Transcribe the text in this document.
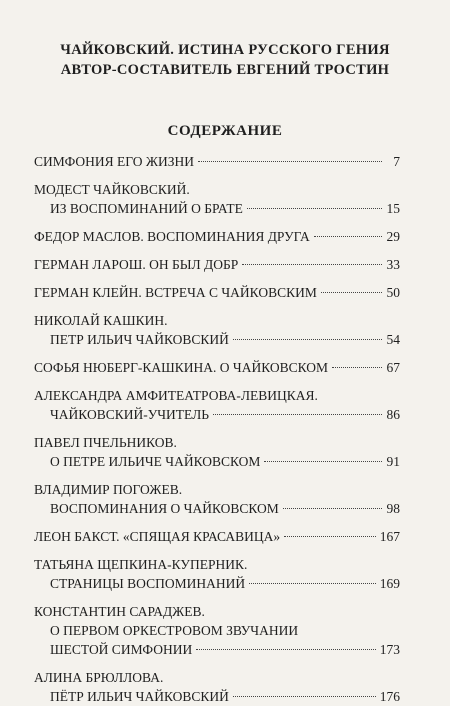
ЧАЙКОВСКИЙ. ИСТИНА РУССКОГО ГЕНИЯ
АВТОР-СОСТАВИТЕЛЬ ЕВГЕНИЙ ТРОСТИН
СОДЕРЖАНИЕ
СИМФОНИЯ ЕГО ЖИЗНИ	7
МОДЕСТ ЧАЙКОВСКИЙ.
ИЗ ВОСПОМИНАНИЙ О БРАТЕ	15
ФЕДОР МАСЛОВ. ВОСПОМИНАНИЯ ДРУГА	29
ГЕРМАН ЛАРОШ. ОН БЫЛ ДОБР	33
ГЕРМАН КЛЕЙН. ВСТРЕЧА С ЧАЙКОВСКИМ	50
НИКОЛАЙ КАШКИН.
ПЕТР ИЛЬИЧ ЧАЙКОВСКИЙ	54
СОФЬЯ НЮБЕРГ-КАШКИНА. О ЧАЙКОВСКОМ	67
АЛЕКСАНДРА АМФИТЕАТРОВА-ЛЕВИЦКАЯ.
ЧАЙКОВСКИЙ-УЧИТЕЛЬ	86
ПАВЕЛ ПЧЕЛЬНИКОВ.
О ПЕТРЕ ИЛЬИЧЕ ЧАЙКОВСКОМ	91
ВЛАДИМИР ПОГОЖЕВ.
ВОСПОМИНАНИЯ О ЧАЙКОВСКОМ	98
ЛЕОН БАКСТ. «СПЯЩАЯ КРАСАВИЦА»	167
ТАТЬЯНА ЩЕПКИНА-КУПЕРНИК.
СТРАНИЦЫ ВОСПОМИНАНИЙ	169
КОНСТАНТИН САРАДЖЕВ.
О ПЕРВОМ ОРКЕСТРОВОМ ЗВУЧАНИИ
ШЕСТОЙ СИМФОНИИ	173
АЛИНА БРЮЛЛОВА.
ПЁТР ИЛЬИЧ ЧАЙКОВСКИЙ	176
